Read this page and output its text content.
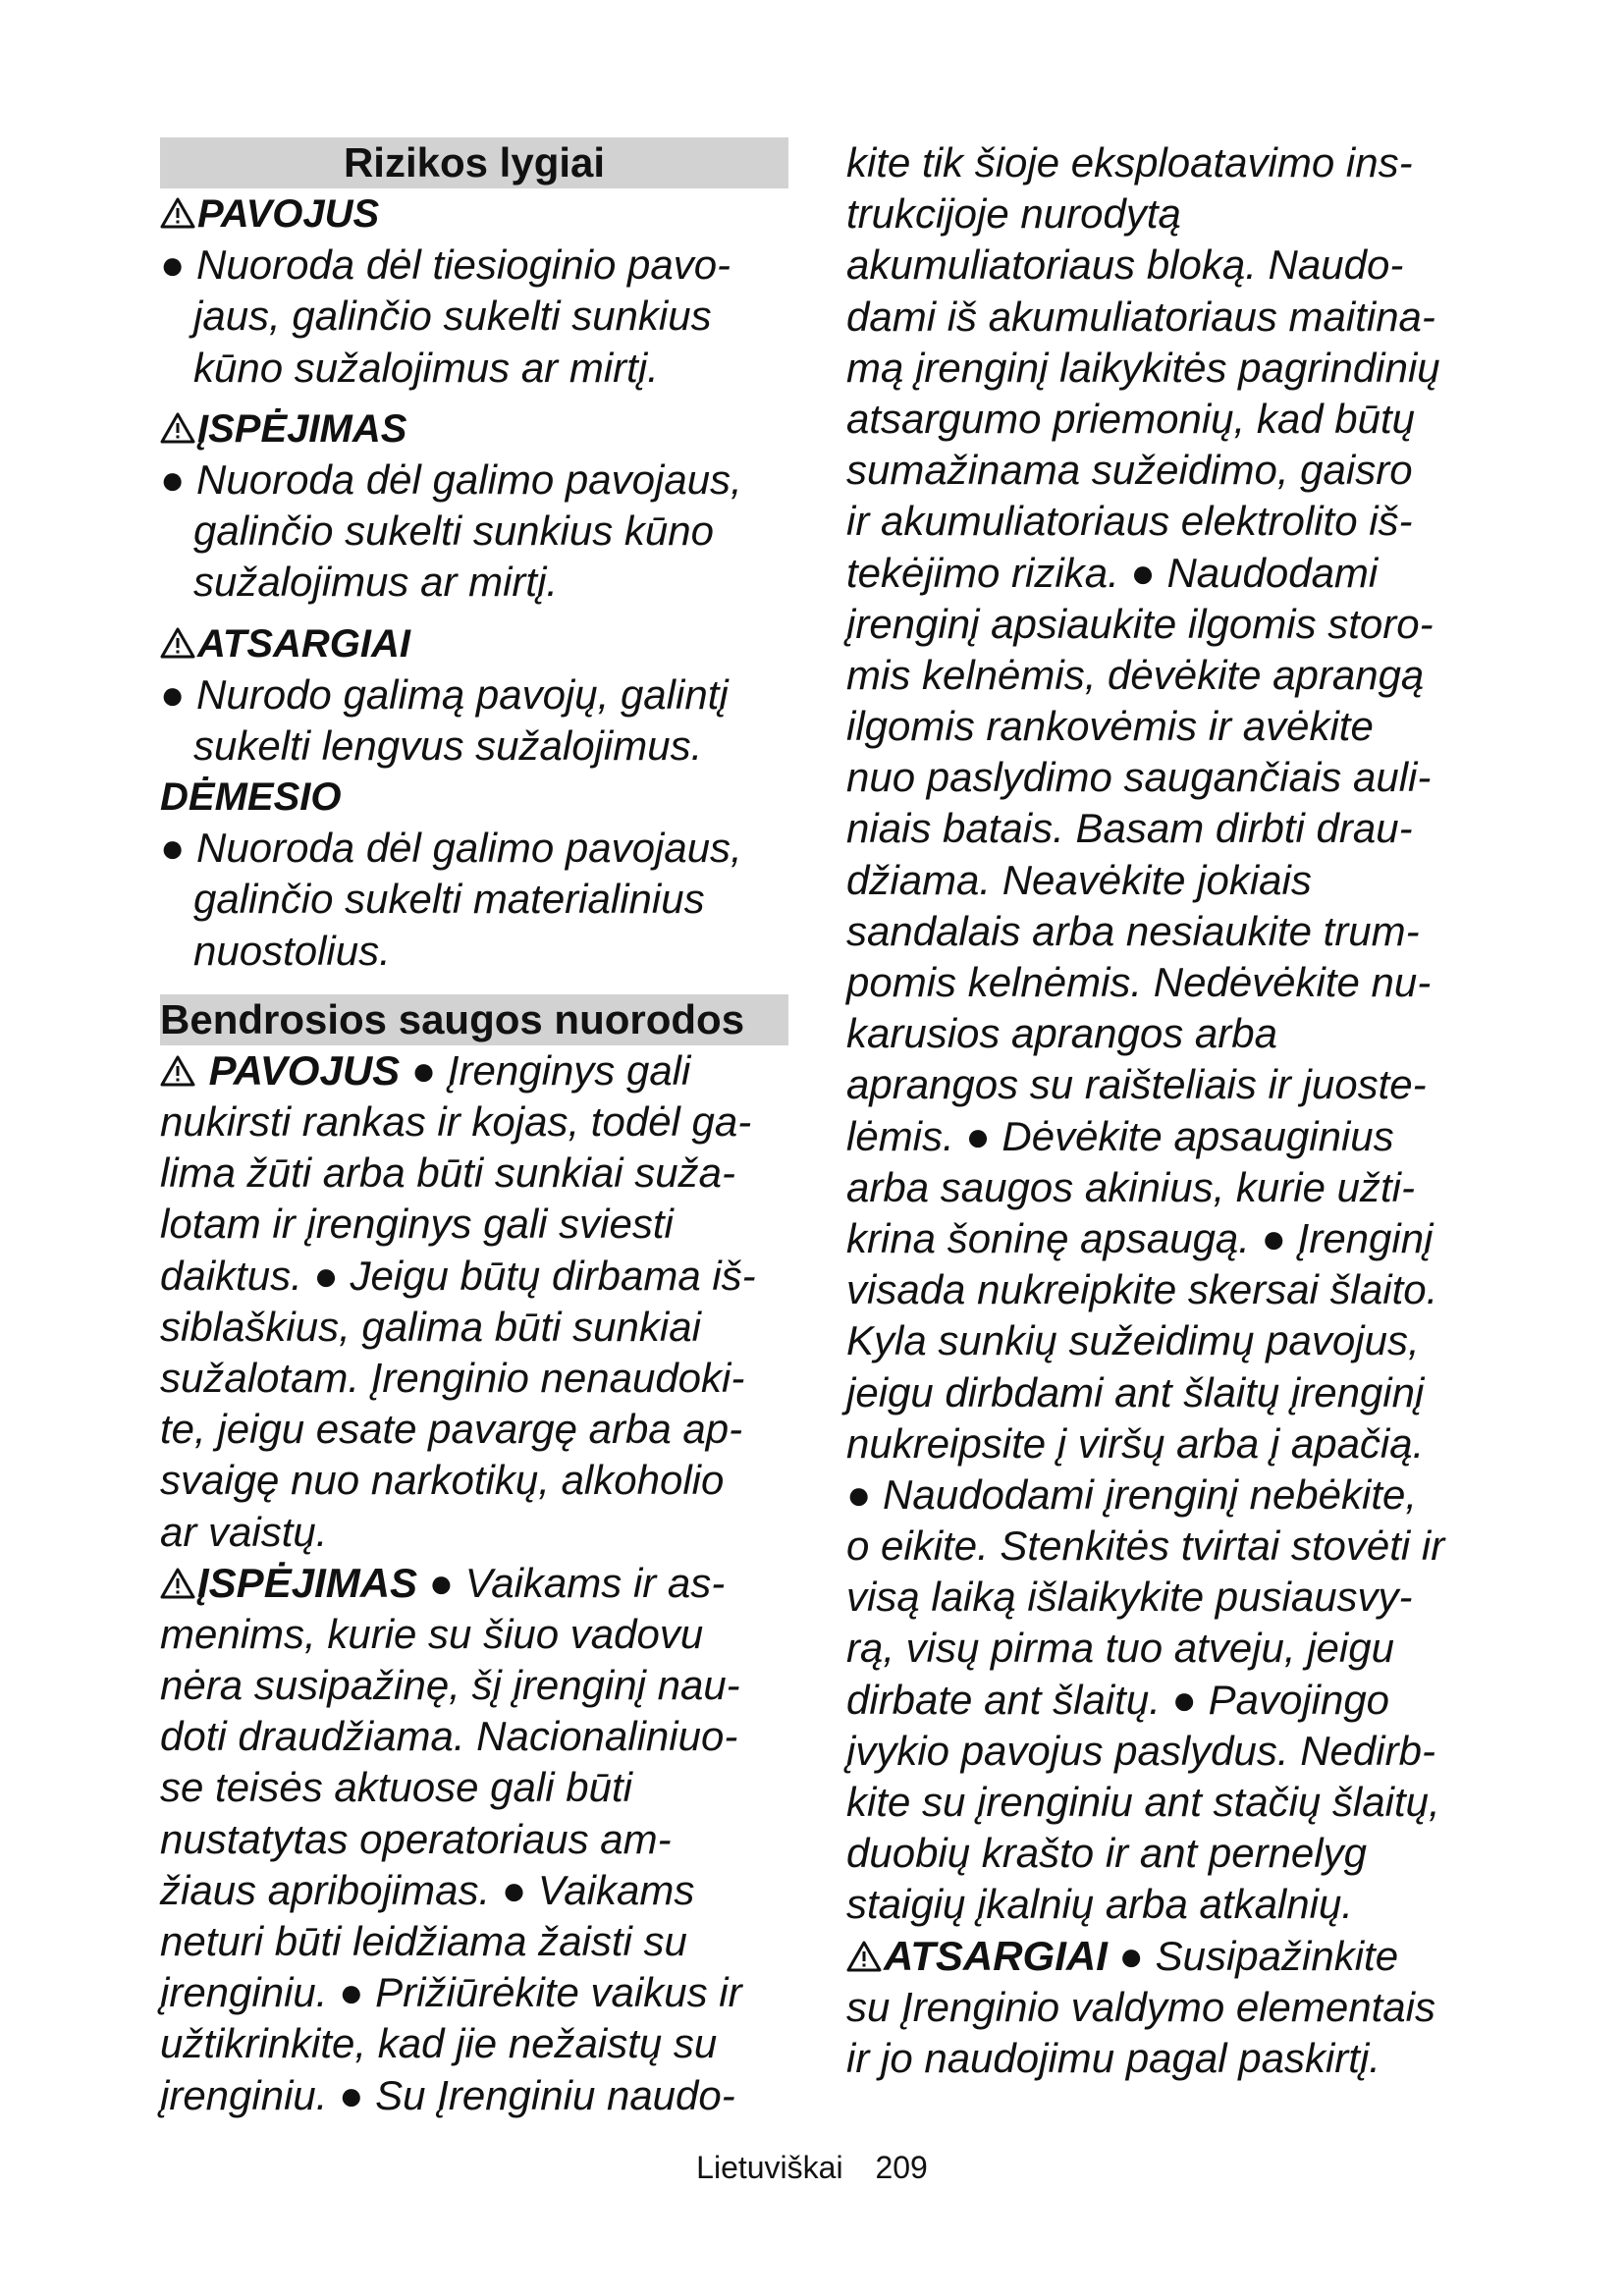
Rizikos lygiai
PAVOJUS
● Nuoroda dėl tiesioginio pavo-
jaus, galinčio sukelti sunkius
kūno sužalojimus ar mirtį.
ĮSPĖJIMAS
● Nuoroda dėl galimo pavojaus,
galinčio sukelti sunkius kūno
sužalojimus ar mirtį.
ATSARGIAI
● Nurodo galimą pavojų, galintį
sukelti lengvus sužalojimus.
DĖMESIO
● Nuoroda dėl galimo pavojaus,
galinčio sukelti materialinius
nuostolius.
Bendrosios saugos nuorodos
PAVOJUS ● Įrenginys gali
nukirsti rankas ir kojas, todėl ga-
lima žūti arba būti sunkiai suža-
lotam ir įrenginys gali sviesti
daiktus. ● Jeigu būtų dirbama iš-
siblaškius, galima būti sunkiai
sužalotam. Įrenginio nenaudoki-
te, jeigu esate pavargę arba ap-
svaigę nuo narkotikų, alkoholio
ar vaistų.
ĮSPĖJIMAS ● Vaikams ir as-
menims, kurie su šiuo vadovu
nėra susipažinę, šį įrenginį nau-
doti draudžiama. Nacionaliniuo-
se teisės aktuose gali būti
nustatytas operatoriaus am-
žiaus apribojimas. ● Vaikams
neturi būti leidžiama žaisti su
įrenginiu. ● Prižiūrėkite vaikus ir
užtikrinkite, kad jie nežaistų su
įrenginiu. ● Su Įrenginiu naudo-
kite tik šioje eksploatavimo ins-
trukcijoje nurodytą
akumuliatoriaus bloką. Naudo-
dami iš akumuliatoriaus maitina-
mą įrenginį laikykitės pagrindinių
atsargumo priemonių, kad būtų
sumažinama sužeidimo, gaisro
ir akumuliatoriaus elektrolito iš-
tekėjimo rizika. ● Naudodami
įrenginį apsiaukite ilgomis storo-
mis kelnėmis, dėvėkite aprangą
ilgomis rankovėmis ir avėkite
nuo paslydimo saugančiais auli-
niais batais. Basam dirbti drau-
džiama. Neavėkite jokiais
sandalais arba nesiaukite trum-
pomis kelnėmis. Nedėvėkite nu-
karusios aprangos arba
aprangos su raišteliais ir juoste-
lėmis. ● Dėvėkite apsauginius
arba saugos akinius, kurie užti-
krina šoninę apsaugą. ● Įrenginį
visada nukreipkite skersai šlaito.
Kyla sunkių sužeidimų pavojus,
jeigu dirbdami ant šlaitų įrenginį
nukreipsite į viršų arba į apačią.
● Naudodami įrenginį nebėkite,
o eikite. Stenkitės tvirtai stovėti ir
visą laiką išlaikykite pusiausvy-
rą, visų pirma tuo atveju, jeigu
dirbate ant šlaitų. ● Pavojingo
įvykio pavojus paslydus. Nedirb-
kite su įrenginiu ant stačių šlaitų,
duobių krašto ir ant pernelyg
staigių įkalnių arba atkalnių.
ATSARGIAI ● Susipažinkite
su Įrenginio valdymo elementais
ir jo naudojimu pagal paskirtį.
Lietuviškai 209
